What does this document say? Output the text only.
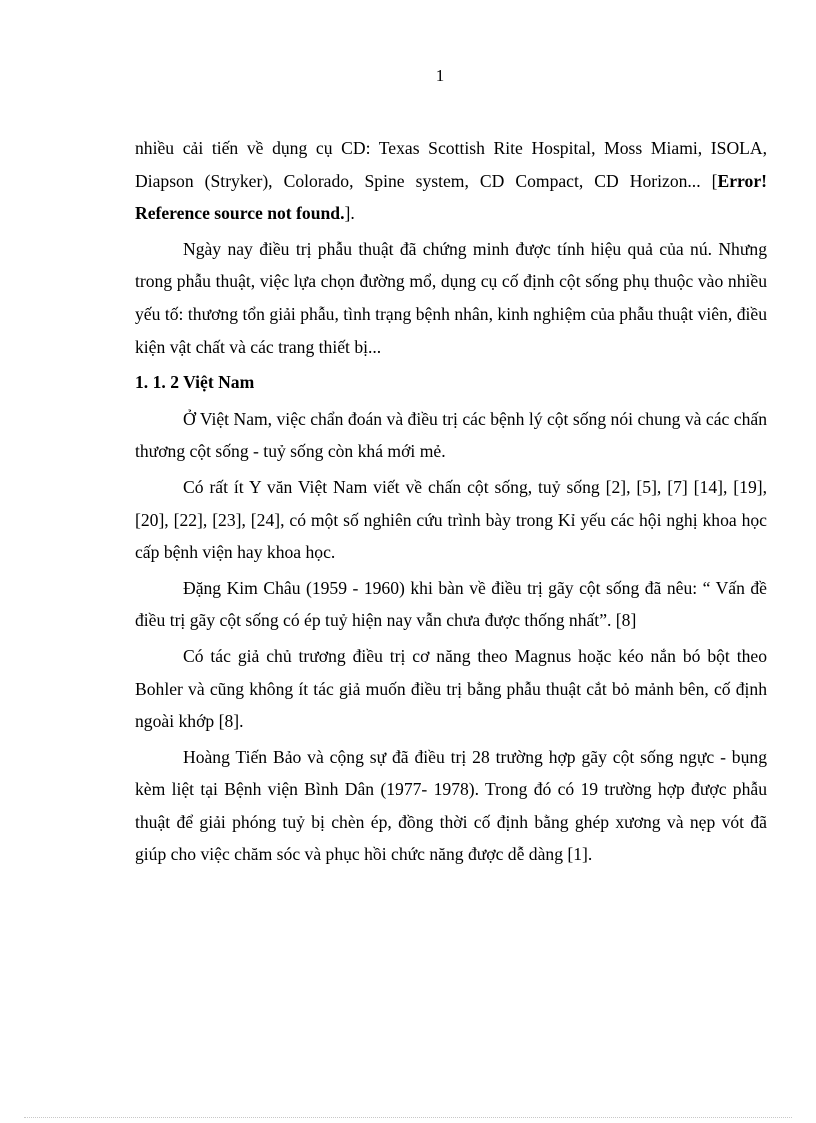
1

nhiều cải tiến về dụng cụ CD: Texas Scottish Rite Hospital, Moss Miami, ISOLA, Diapson (Stryker), Colorado, Spine system, CD Compact, CD Horizon... [Error! Reference source not found.].

Ngày nay điều trị phẫu thuật đã chứng minh được tính hiệu quả của nú. Nhưng trong phẫu thuật, việc lựa chọn đường mổ, dụng cụ cố định cột sống phụ thuộc vào nhiều yếu tố: thương tổn giải phẫu, tình trạng bệnh nhân, kinh nghiệm của phẫu thuật viên, điều kiện vật chất và các trang thiết bị...

1. 1. 2 Việt Nam

Ở Việt Nam, việc chẩn đoán và điều trị các bệnh lý cột sống nói chung và các chấn thương cột sống - tuỷ sống còn khá mới mẻ.

Có rất ít Y văn Việt Nam viết về chấn cột sống, tuỷ sống [2], [5], [7] [14], [19], [20], [22], [23], [24], có một số nghiên cứu trình bày trong Kỉ yếu các hội nghị khoa học cấp bệnh viện hay khoa học.

Đặng Kim Châu (1959 - 1960) khi bàn về điều trị gãy cột sống đã nêu: “ Vấn đề điều trị gãy cột sống có ép tuỷ hiện nay vẫn chưa được thống nhất”. [8]

Có tác giả chủ trương điều trị cơ năng theo Magnus hoặc kéo nắn bó bột theo Bohler và cũng không ít tác giả muốn điều trị bằng phẫu thuật cắt bỏ mảnh bên, cố định ngoài khớp [8].

Hoàng Tiến Bảo và cộng sự đã điều trị 28 trường hợp gãy cột sống ngực - bụng kèm liệt tại Bệnh viện Bình Dân (1977- 1978). Trong đó có 19 trường hợp được phẫu thuật để giải phóng tuỷ bị chèn ép, đồng thời cố định bằng ghép xương và nẹp vót đã giúp cho việc chăm sóc và phục hồi chức năng được dễ dàng [1].
